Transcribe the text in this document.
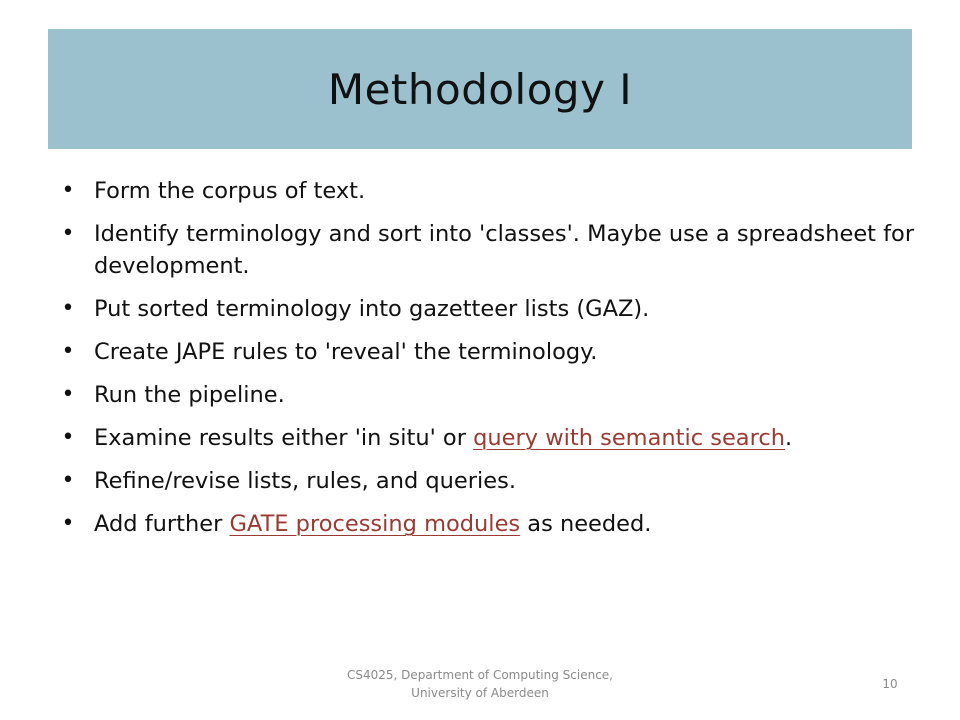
Methodology I
• Form the corpus of text.
• Identify terminology and sort into 'classes'. Maybe use a spreadsheet for development.
• Put sorted terminology into gazetteer lists (GAZ).
• Create JAPE rules to 'reveal' the terminology.
• Run the pipeline.
• Examine results either 'in situ' or query with semantic search.
• Refine/revise lists, rules, and queries.
• Add further GATE processing modules as needed.
CS4025, Department of Computing Science,
University of Aberdeen
10
